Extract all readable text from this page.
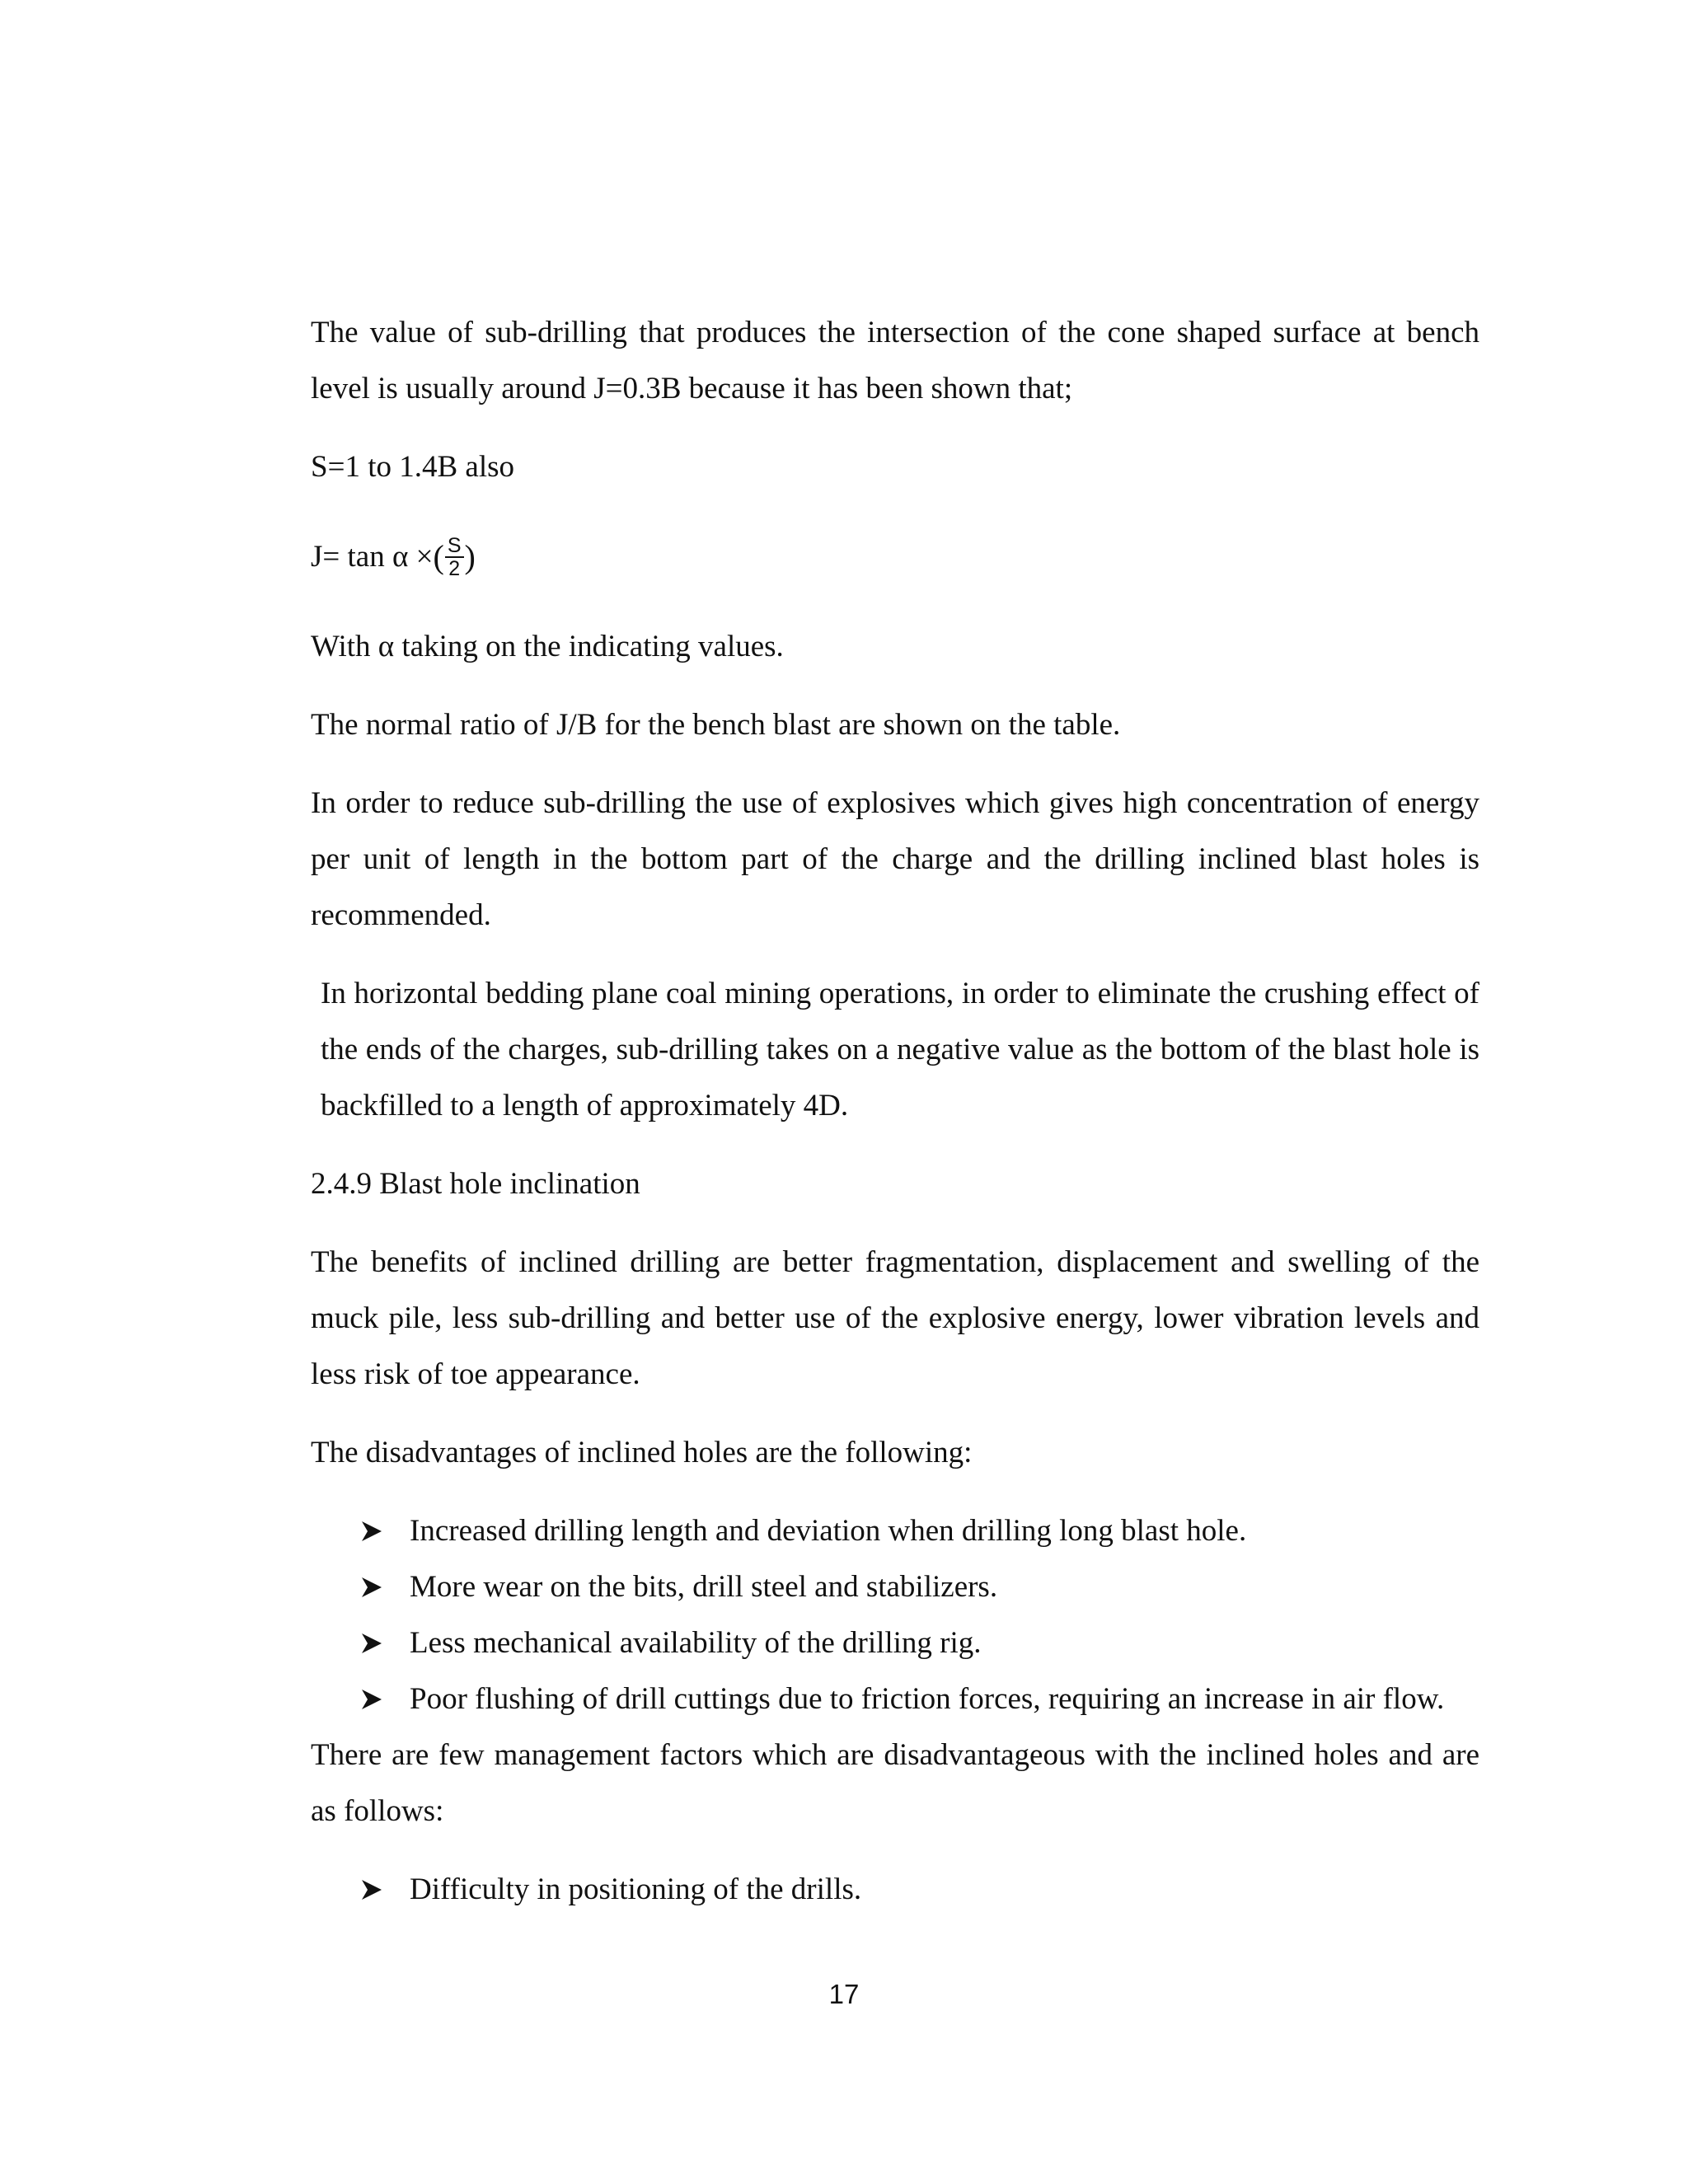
The value of sub-drilling that produces the intersection of the cone shaped surface at bench level is usually around J=0.3B because it has been shown that;

S=1 to 1.4B also

J= tan α × ( $\frac{S}{2}$ )

With α taking on the indicating values.

The normal ratio of J/B for the bench blast are shown on the table.

In order to reduce sub-drilling the use of explosives which gives high concentration of energy per unit of length in the bottom part of the charge and the drilling inclined blast holes is recommended.

In horizontal bedding plane coal mining operations, in order to eliminate the crushing effect of the ends of the charges, sub-drilling takes on a negative value as the bottom of the blast hole is backfilled to a length of approximately 4D.

2.4.9 Blast hole inclination

The benefits of inclined drilling are better fragmentation, displacement and swelling of the muck pile, less sub-drilling and better use of the explosive energy, lower vibration levels and less risk of toe appearance.

The disadvantages of inclined holes are the following:

Increased drilling length and deviation when drilling long blast hole.
More wear on the bits, drill steel and stabilizers.
Less mechanical availability of the drilling rig.
Poor flushing of drill cuttings due to friction forces, requiring an increase in air flow.

There are few management factors which are disadvantageous with the inclined holes and are as follows:

Difficulty in positioning of the drills.
17
